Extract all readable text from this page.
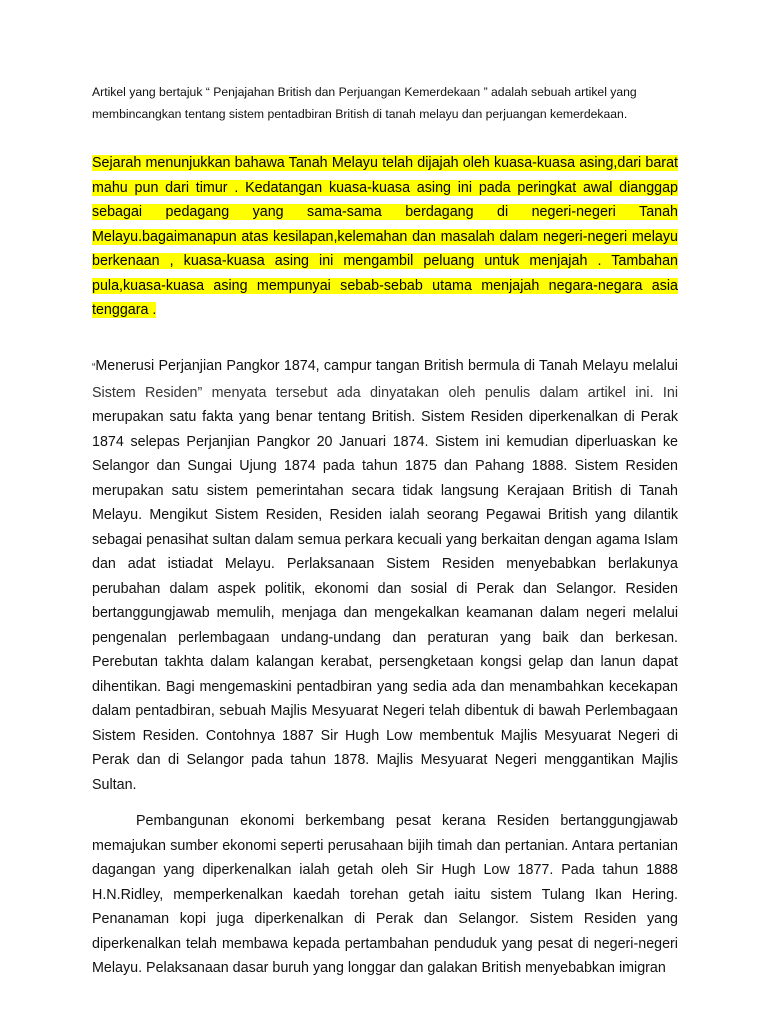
Artikel yang bertajuk “ Penjajahan British dan Perjuangan Kemerdekaan ” adalah sebuah artikel yang

membincangkan tentang sistem pentadbiran British di tanah melayu dan perjuangan kemerdekaan.

Sejarah menunjukkan bahawa Tanah Melayu telah dijajah oleh kuasa-kuasa asing,dari barat mahu pun dari timur . Kedatangan kuasa-kuasa asing ini pada peringkat awal dianggap sebagai pedagang yang sama-sama berdagang di negeri-negeri Tanah Melayu.bagaimanapun atas kesilapan,kelemahan dan masalah dalam negeri-negeri melayu berkenaan , kuasa-kuasa asing ini mengambil peluang untuk menjajah . Tambahan pula,kuasa-kuasa asing mempunyai sebab-sebab utama menjajah negara-negara asia tenggara .

“Menerusi Perjanjian Pangkor 1874, campur tangan British bermula di Tanah Melayu melalui Sistem Residen” menyata tersebut ada dinyatakan oleh penulis dalam artikel ini. Ini merupakan satu fakta yang benar tentang British. Sistem Residen diperkenalkan di Perak 1874 selepas Perjanjian Pangkor 20 Januari 1874. Sistem ini kemudian diperluaskan ke Selangor dan Sungai Ujung 1874 pada tahun 1875 dan Pahang 1888. Sistem Residen merupakan satu sistem pemerintahan secara tidak langsung Kerajaan British di Tanah Melayu. Mengikut Sistem Residen, Residen ialah seorang Pegawai British yang dilantik sebagai penasihat sultan dalam semua perkara kecuali yang berkaitan dengan agama Islam dan adat istiadat Melayu. Perlaksanaan Sistem Residen menyebabkan berlakunya perubahan dalam aspek politik, ekonomi dan sosial di Perak dan Selangor. Residen bertanggungjawab memulih, menjaga dan mengekalkan keamanan dalam negeri melalui pengenalan perlembagaan undang-undang dan peraturan yang baik dan berkesan. Perebutan takhta dalam kalangan kerabat, persengketaan kongsi gelap dan lanun dapat dihentikan. Bagi mengemaskini pentadbiran yang sedia ada dan menambahkan kecekapan dalam pentadbiran, sebuah Majlis Mesyuarat Negeri telah dibentuk di bawah Perlembagaan Sistem Residen. Contohnya 1887 Sir Hugh Low membentuk Majlis Mesyuarat Negeri di Perak dan di Selangor pada tahun 1878. Majlis Mesyuarat Negeri menggantikan Majlis Sultan.

Pembangunan ekonomi berkembang pesat kerana Residen bertanggungjawab memajukan sumber ekonomi seperti perusahaan bijih timah dan pertanian. Antara pertanian dagangan yang diperkenalkan ialah getah oleh Sir Hugh Low 1877. Pada tahun 1888 H.N.Ridley, memperkenalkan kaedah torehan getah iaitu sistem Tulang Ikan Hering. Penanaman kopi juga diperkenalkan di Perak dan Selangor. Sistem Residen yang diperkenalkan telah membawa kepada pertambahan penduduk yang pesat di negeri-negeri Melayu. Pelaksanaan dasar buruh yang longgar dan galakan British menyebabkan imigran
